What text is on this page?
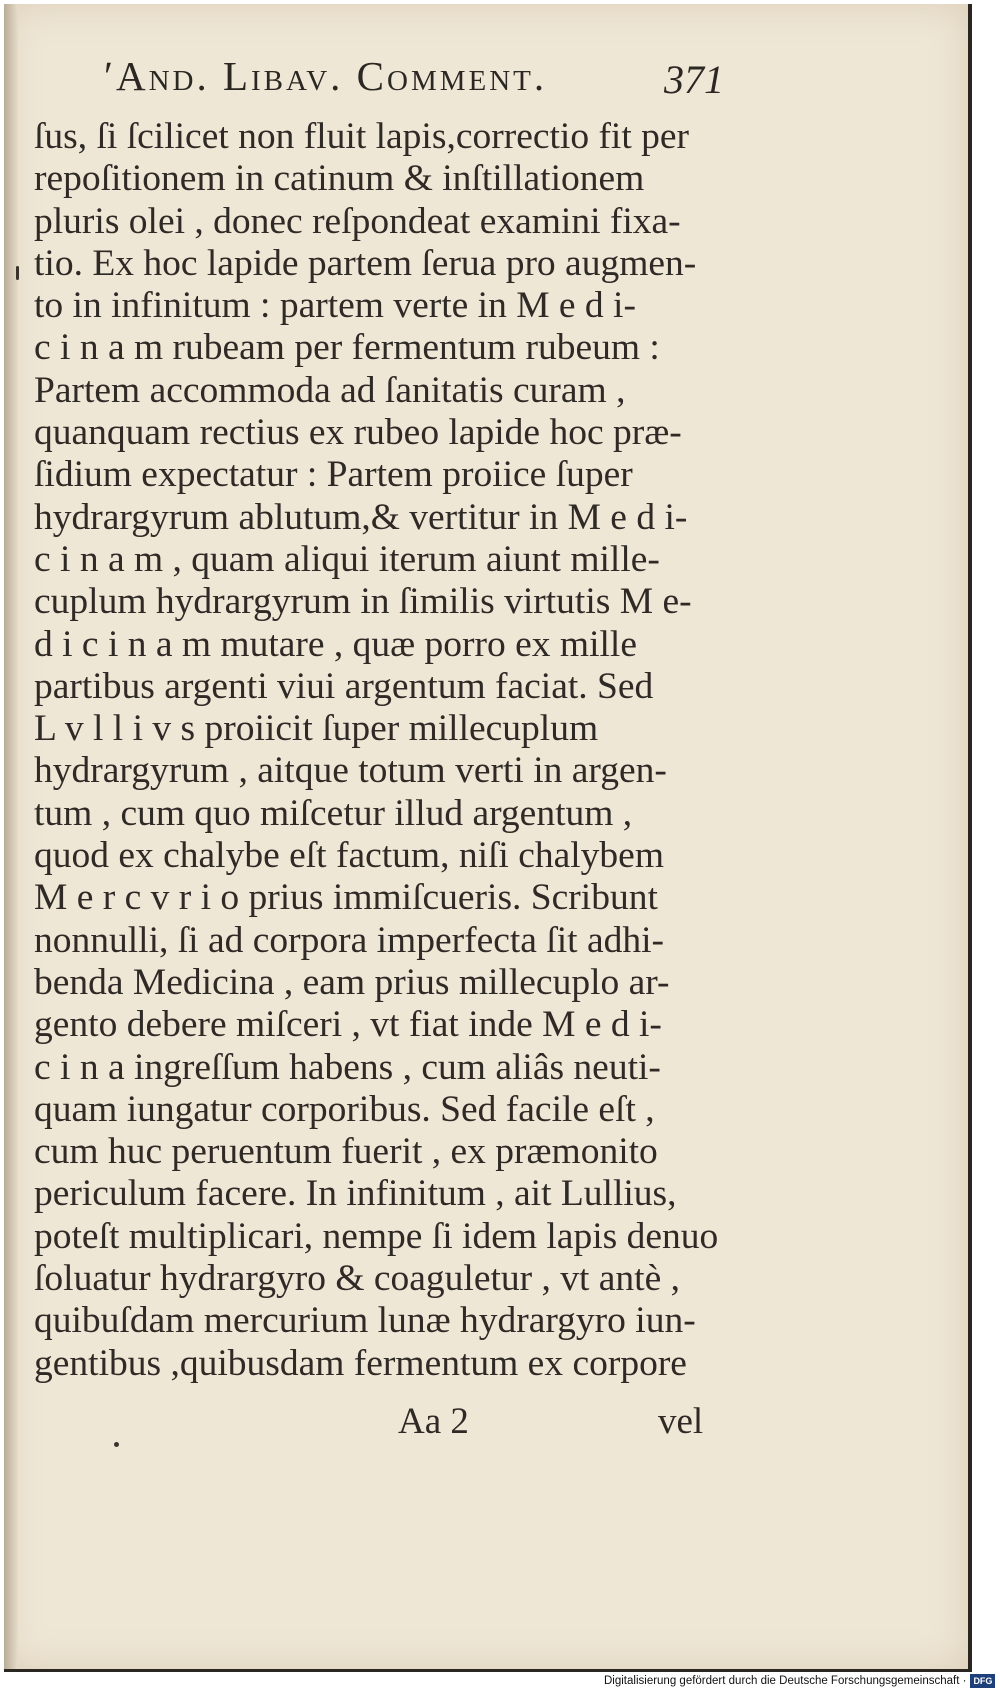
ʹAnd. Libav. Comment.	371
ſus, ſi ſcilicet non fluit lapis,correctio fit per
repoſitionem in catinum & inſtillationem
pluris olei , donec reſpondeat examini fixa-
tio. Ex hoc lapide partem ſerua pro augmen-
to in infinitum : partem verte in M e d i-
c i n a m rubeam per fermentum rubeum :
Partem accommoda ad ſanitatis curam ,
quanquam rectius ex rubeo lapide hoc præ-
ſidium expectatur : Partem proiice ſuper
hydrargyrum ablutum,& vertitur in M e d i-
c i n a m , quam aliqui iterum aiunt mille-
cuplum hydrargyrum in ſimilis virtutis M e-
d i c i n a m mutare , quæ porro ex mille
partibus argenti viui argentum faciat. Sed
L v l l i v s proiicit ſuper millecuplum
hydrargyrum , aitque totum verti in argen-
tum , cum quo miſcetur illud argentum ,
quod ex chalybe eſt factum, niſi chalybem
M e r c v r i o prius immiſcueris. Scribunt
nonnulli, ſi ad corpora imperfecta ſit adhi-
benda Medicina , eam prius millecuplo ar-
gento debere miſceri , vt fiat inde M e d i-
c i n a ingreſſum habens , cum aliâs neuti-
quam iungatur corporibus. Sed facile eſt ,
cum huc peruentum fuerit , ex præmonito
periculum facere. In infinitum , ait Lullius,
poteſt multiplicari, nempe ſi idem lapis denuo
ſoluatur hydrargyro & coaguletur , vt antè ,
quibuſdam mercurium lunæ hydrargyro iun-
gentibus ,quibusdam fermentum ex corpore
Aa 2	vel
Digitalisierung gefördert durch die Deutsche Forschungsgemeinschaft · DFG
